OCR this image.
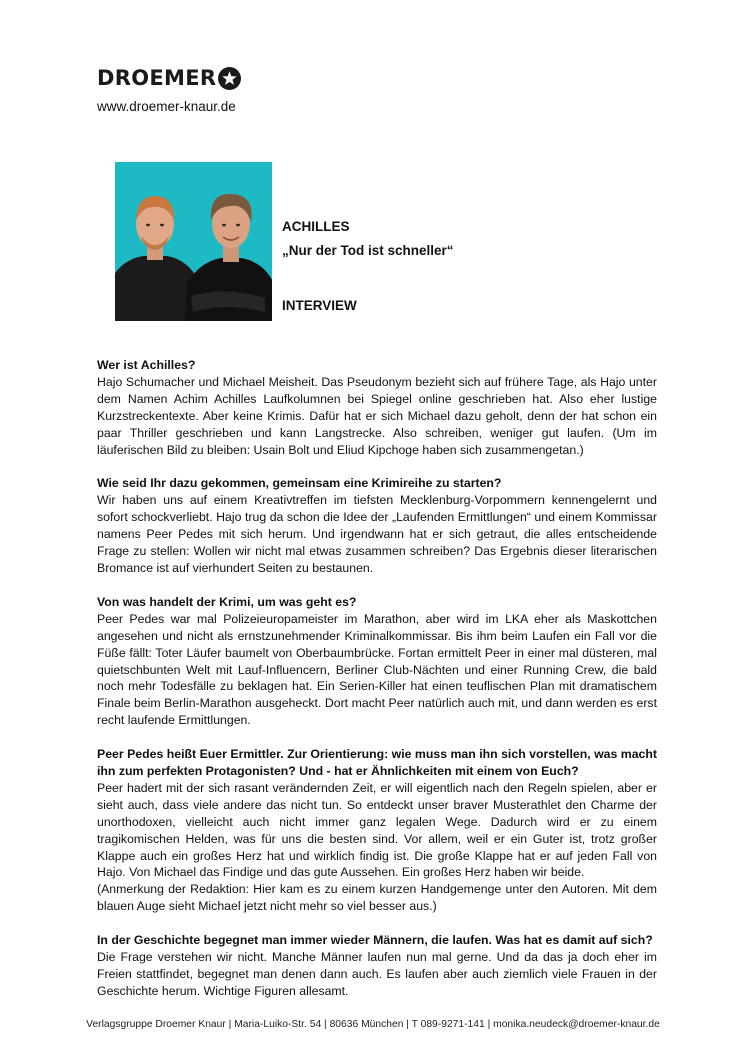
DROEMER
www.droemer-knaur.de
ACHILLES
„Nur der Tod ist schneller“
INTERVIEW

Wer ist Achilles?

Hajo Schumacher und Michael Meisheit. Das Pseudonym bezieht sich auf frühere Tage, als Hajo unter dem Namen Achim Achilles Laufkolumnen bei Spiegel online geschrieben hat. Also eher lustige Kurzstreckentexte. Aber keine Krimis. Dafür hat er sich Michael dazu geholt, denn der hat schon ein paar Thriller geschrieben und kann Langstrecke. Also schreiben, weniger gut laufen. (Um im läuferischen Bild zu bleiben: Usain Bolt und Eliud Kipchoge haben sich zusammengetan.)

Wie seid Ihr dazu gekommen, gemeinsam eine Krimireihe zu starten?

Wir haben uns auf einem Kreativtreffen im tiefsten Mecklenburg-Vorpommern kennengelernt und sofort schockverliebt. Hajo trug da schon die Idee der „Laufenden Ermittlungen“ und einem Kommissar namens Peer Pedes mit sich herum. Und irgendwann hat er sich getraut, die alles entscheidende Frage zu stellen: Wollen wir nicht mal etwas zusammen schreiben? Das Ergebnis dieser literarischen Bromance ist auf vierhundert Seiten zu bestaunen.

Von was handelt der Krimi, um was geht es?

Peer Pedes war mal Polizeieuropameister im Marathon, aber wird im LKA eher als Maskottchen angesehen und nicht als ernstzunehmender Kriminalkommissar. Bis ihm beim Laufen ein Fall vor die Füße fällt: Toter Läufer baumelt von Oberbaumbrücke. Fortan ermittelt Peer in einer mal düsteren, mal quietschbunten Welt mit Lauf-Influencern, Berliner Club-Nächten und einer Running Crew, die bald noch mehr Todesfälle zu beklagen hat. Ein Serien-Killer hat einen teuflischen Plan mit dramatischem Finale beim Berlin-Marathon ausgeheckt. Dort macht Peer natürlich auch mit, und dann werden es erst recht laufende Ermittlungen.

Peer Pedes heißt Euer Ermittler. Zur Orientierung: wie muss man ihn sich vorstellen, was macht ihn zum perfekten Protagonisten? Und - hat er Ähnlichkeiten mit einem von Euch?

Peer hadert mit der sich rasant verändernden Zeit, er will eigentlich nach den Regeln spielen, aber er sieht auch, dass viele andere das nicht tun. So entdeckt unser braver Musterathlet den Charme der unorthodoxen, vielleicht auch nicht immer ganz legalen Wege. Dadurch wird er zu einem tragikomischen Helden, was für uns die besten sind. Vor allem, weil er ein Guter ist, trotz großer Klappe auch ein großes Herz hat und wirklich findig ist. Die große Klappe hat er auf jeden Fall von Hajo. Von Michael das Findige und das gute Aussehen. Ein großes Herz haben wir beide.

(Anmerkung der Redaktion: Hier kam es zu einem kurzen Handgemenge unter den Autoren. Mit dem blauen Auge sieht Michael jetzt nicht mehr so viel besser aus.)

In der Geschichte begegnet man immer wieder Männern, die laufen. Was hat es damit auf sich?

Die Frage verstehen wir nicht. Manche Männer laufen nun mal gerne. Und da das ja doch eher im Freien stattfindet, begegnet man denen dann auch. Es laufen aber auch ziemlich viele Frauen in der Geschichte herum. Wichtige Figuren allesamt.

Verlagsgruppe Droemer Knaur | Maria-Luiko-Str. 54 | 80636 München | T 089-9271-141 | monika.neudeck@droemer-knaur.de
